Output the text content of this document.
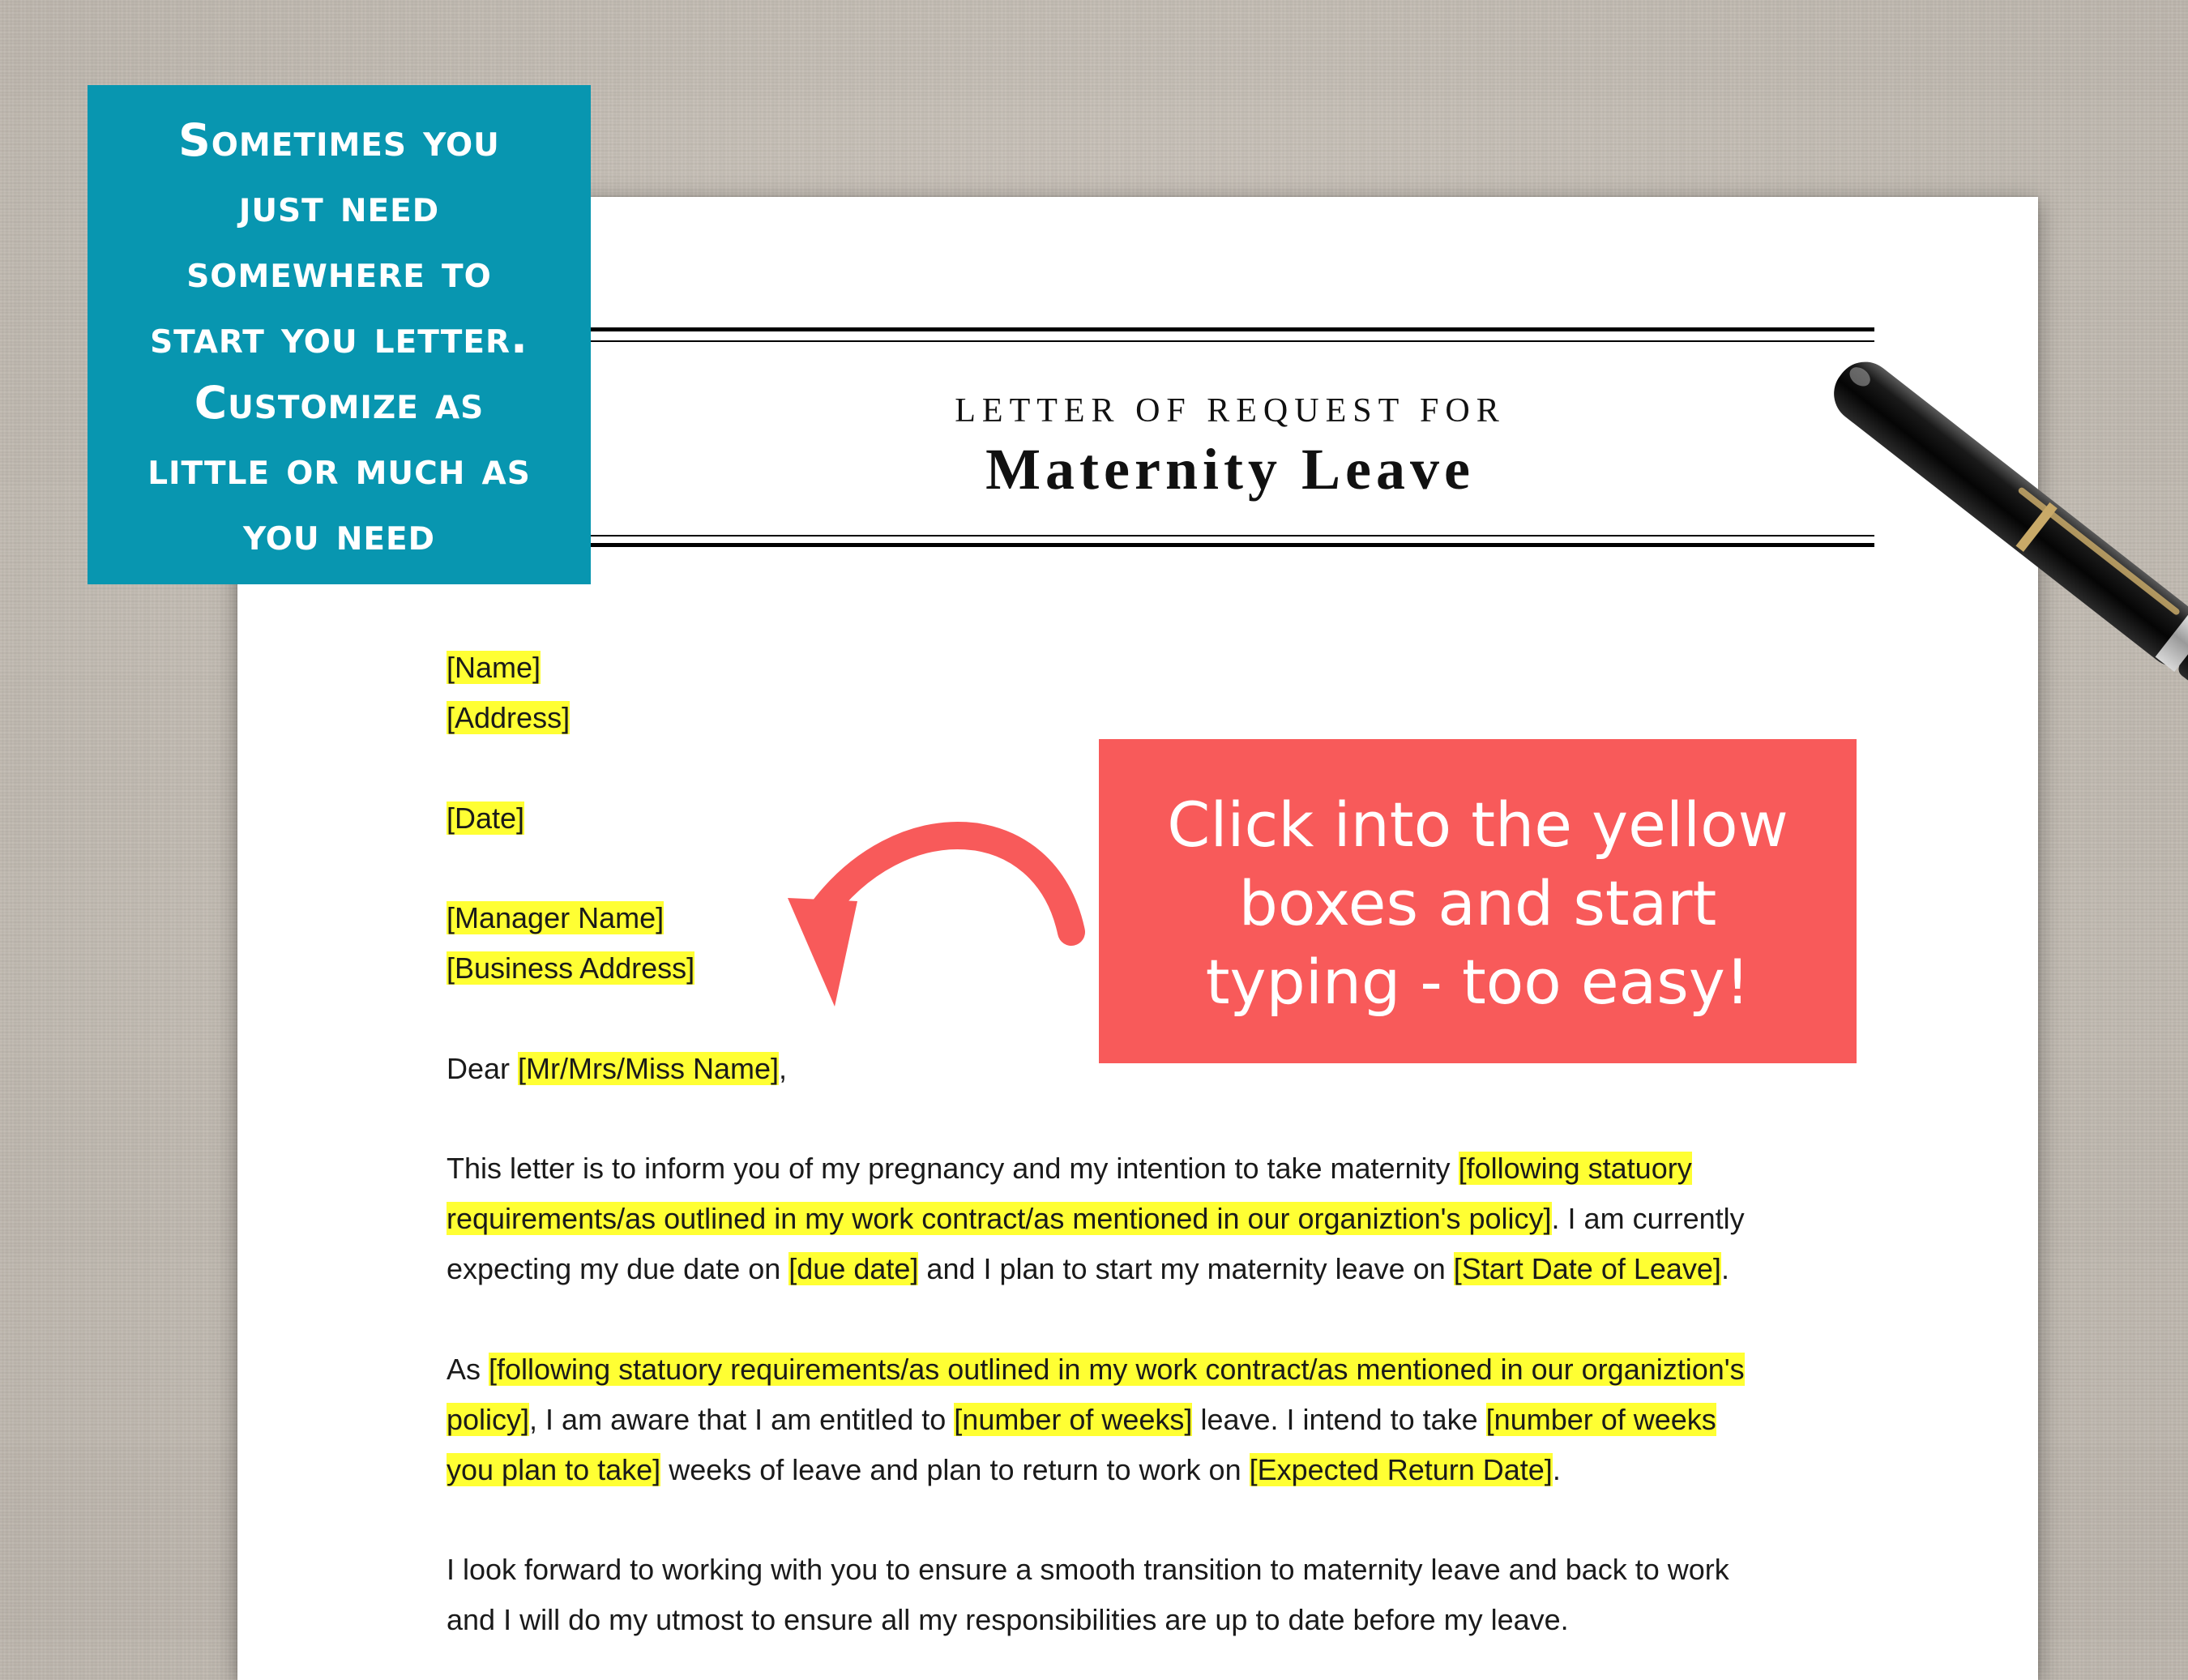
LETTER OF REQUEST FOR
Maternity Leave
[Name]
[Address]
[Date]
[Manager Name]
[Business Address]
Dear [Mr/Mrs/Miss Name],
This letter is to inform you of my pregnancy and my intention to take maternity [following statuory
requirements/as outlined in my work contract/as mentioned in our organiztion's policy]. I am currently
expecting my due date on [due date] and I plan to start my maternity leave on [Start Date of Leave].
As [following statuory requirements/as outlined in my work contract/as mentioned in our organiztion's
policy], I am aware that I am entitled to [number of weeks] leave. I intend to take [number of weeks
you plan to take] weeks of leave and plan to return to work on [Expected Return Date].
I look forward to working with you to ensure a smooth transition to maternity leave and back to work
and I will do my utmost to ensure all my responsibilities are up to date before my leave.
Sometimes you
just need
somewhere to
start you letter.
Customize as
little or much as
you need
Click into the yellow
boxes and start
typing - too easy!
